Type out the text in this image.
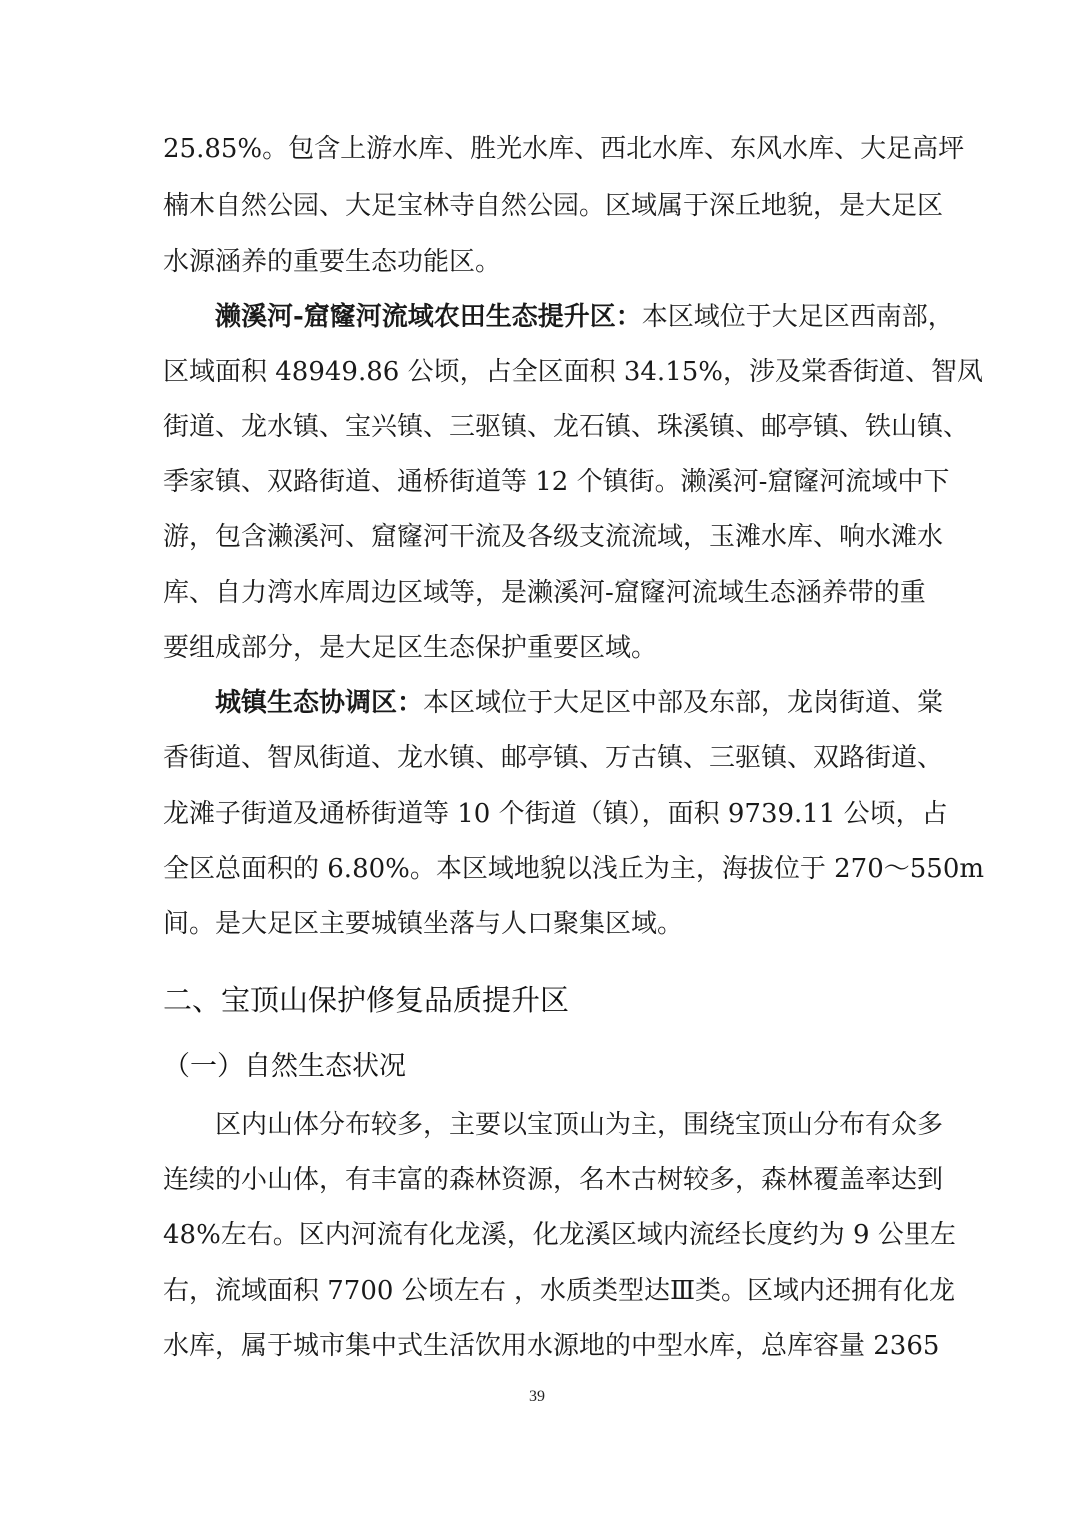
25.85%。包含上游水库、胜光水库、西北水库、东风水库、大足高坪
楠木自然公园、大足宝林寺自然公园。区域属于深丘地貌，是大足区
水源涵养的重要生态功能区。
濑溪河-窟窿河流域农田生态提升区：本区域位于大足区西南部，
区域面积 48949.86 公顷，占全区面积 34.15%，涉及棠香街道、智凤
街道、龙水镇、宝兴镇、三驱镇、龙石镇、珠溪镇、邮亭镇、铁山镇、
季家镇、双路街道、通桥街道等 12 个镇街。濑溪河-窟窿河流域中下
游，包含濑溪河、窟窿河干流及各级支流流域，玉滩水库、响水滩水
库、自力湾水库周边区域等，是濑溪河-窟窿河流域生态涵养带的重
要组成部分，是大足区生态保护重要区域。
城镇生态协调区：本区域位于大足区中部及东部，龙岗街道、棠
香街道、智凤街道、龙水镇、邮亭镇、万古镇、三驱镇、双路街道、
龙滩子街道及通桥街道等 10 个街道（镇），面积 9739.11 公顷，占
全区总面积的 6.80%。本区域地貌以浅丘为主，海拔位于 270～550m
间。是大足区主要城镇坐落与人口聚集区域。
二、宝顶山保护修复品质提升区
（一）自然生态状况
区内山体分布较多，主要以宝顶山为主，围绕宝顶山分布有众多
连续的小山体，有丰富的森林资源，名木古树较多，森林覆盖率达到
48%左右。区内河流有化龙溪，化龙溪区域内流经长度约为 9 公里左
右，流域面积 7700 公顷左右 ，水质类型达Ⅲ类。区域内还拥有化龙
水库，属于城市集中式生活饮用水源地的中型水库，总库容量 2365
39
